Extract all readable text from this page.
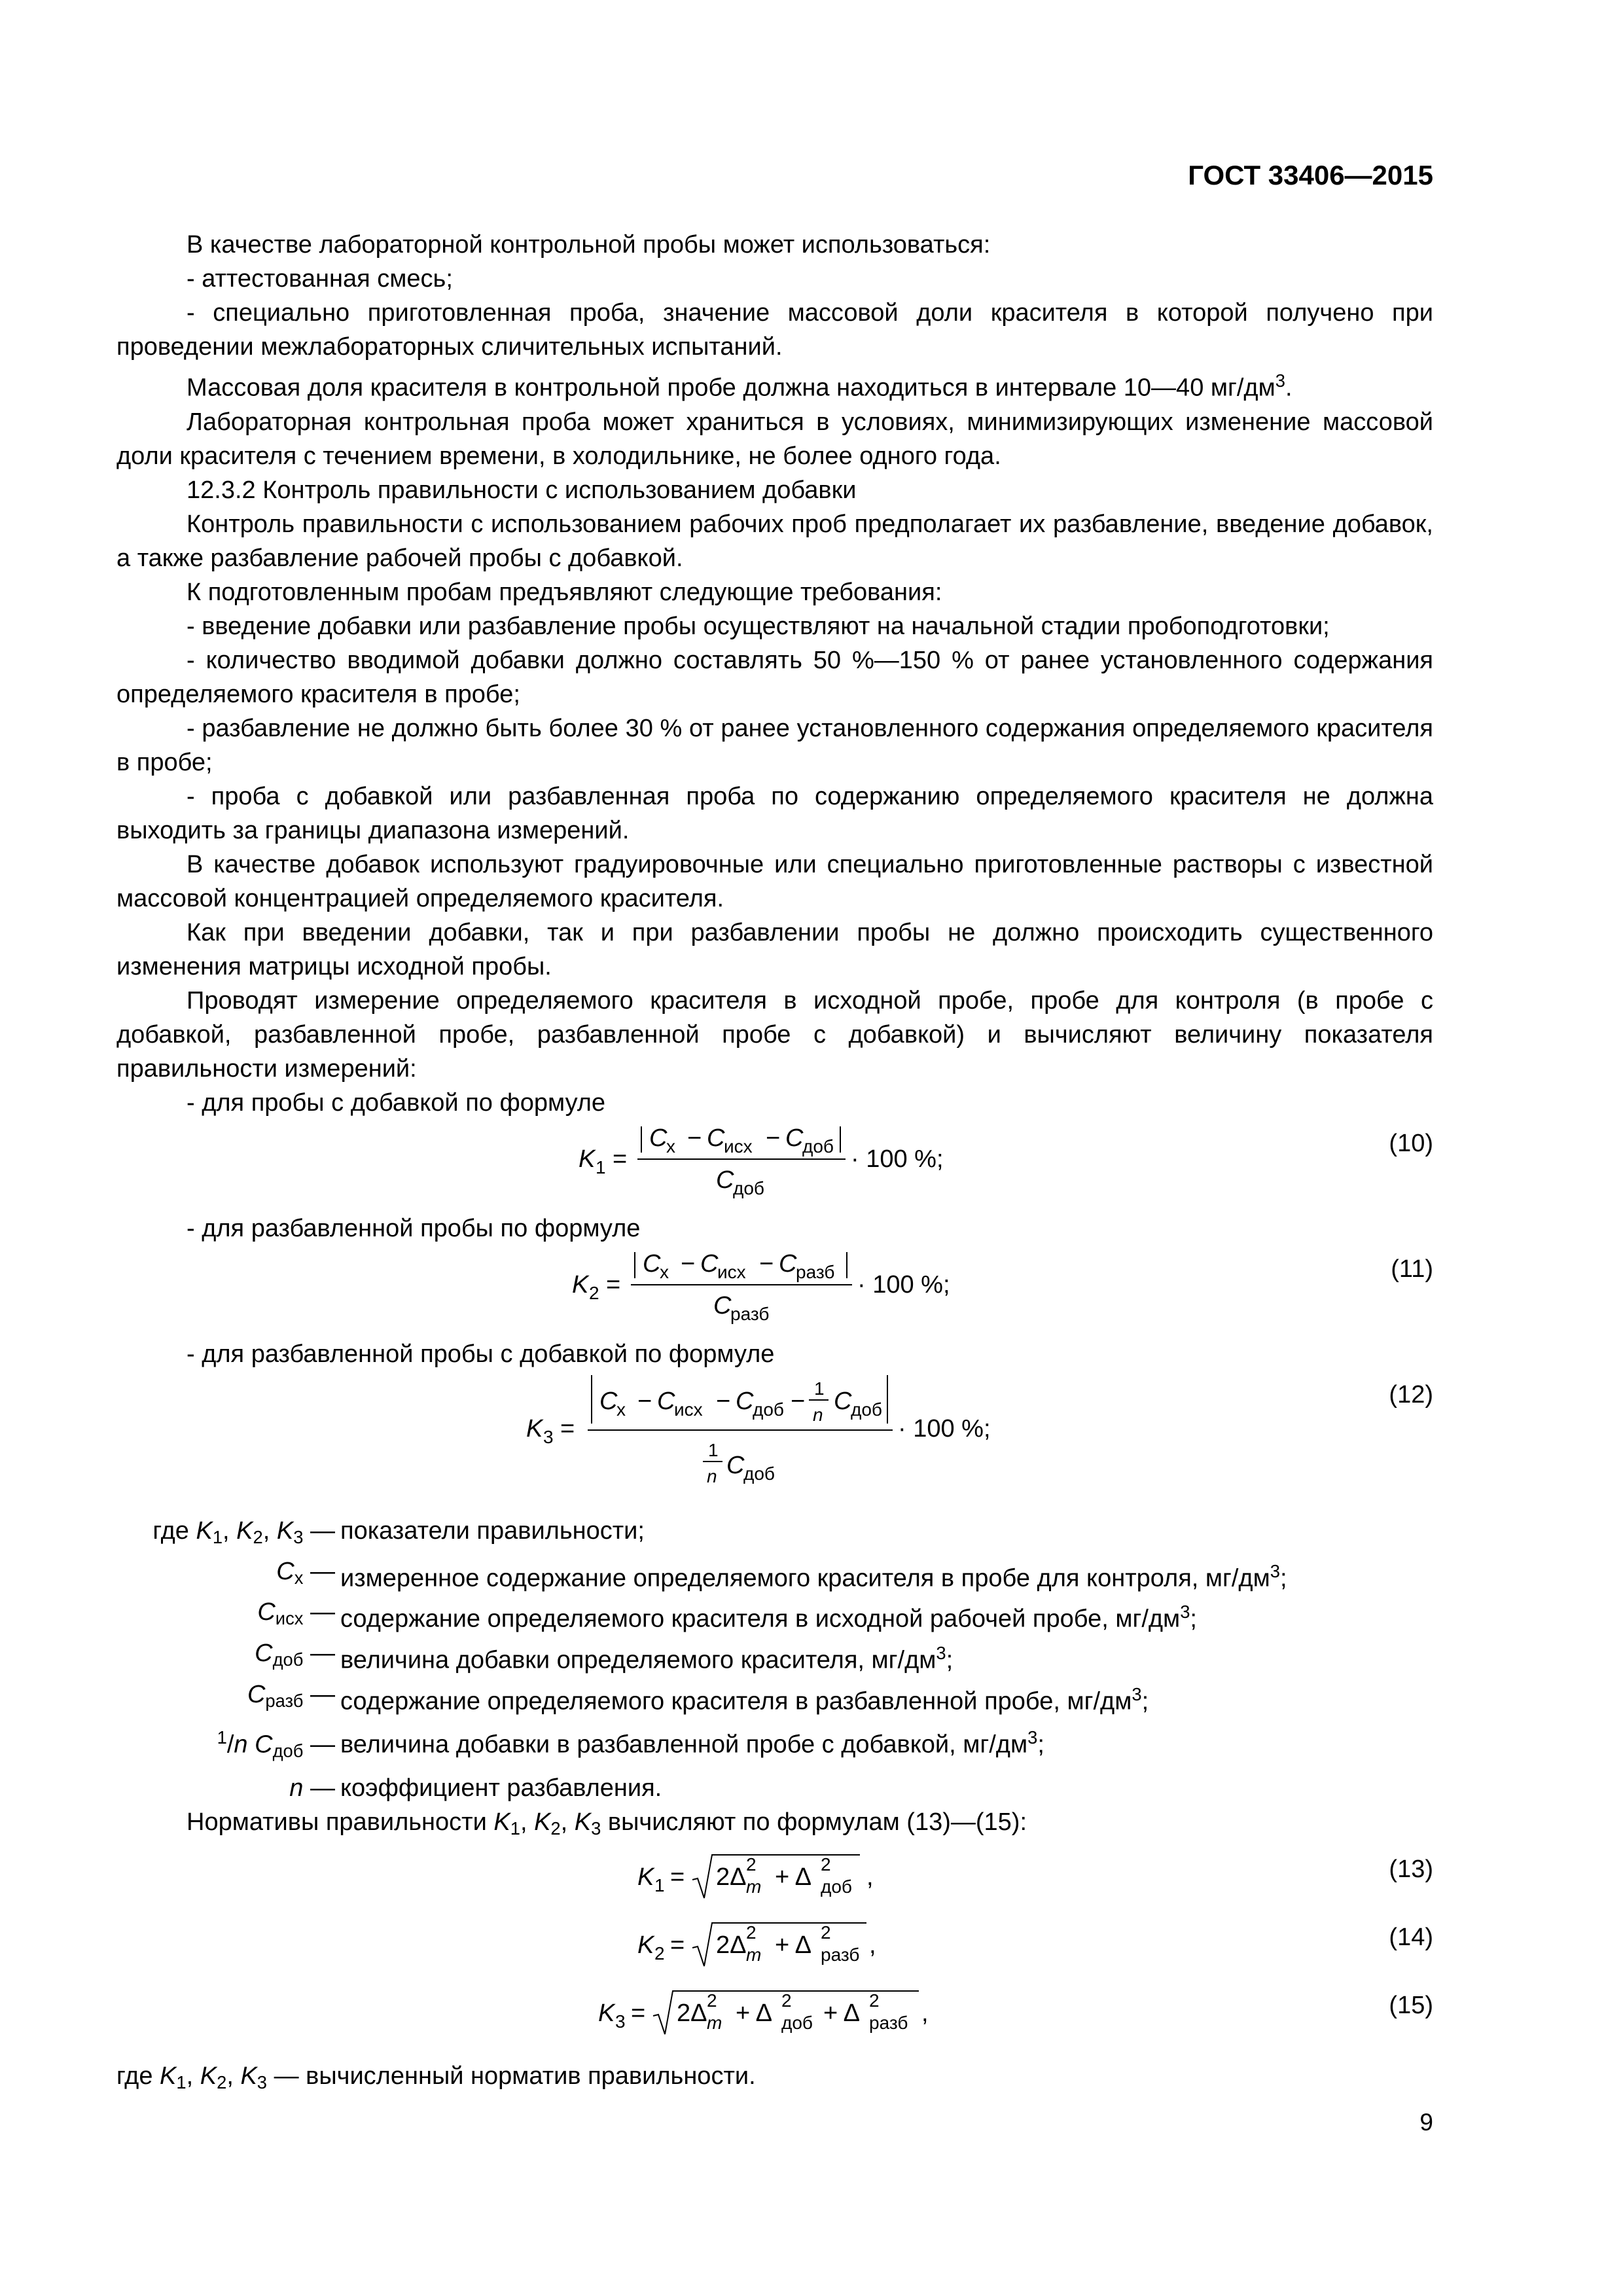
ГОСТ 33406—2015

В качестве лабораторной контрольной пробы может использоваться:

- аттестованная смесь;

- специально приготовленная проба, значение массовой доли красителя в которой получено при проведении межлабораторных сличительных испытаний.

Массовая доля красителя в контрольной пробе должна находиться в интервале 10—40 $мг/дм^3$.

Лабораторная контрольная проба может храниться в условиях, минимизирующих изменение массовой доли красителя с течением времени, в холодильнике, не более одного года.

12.3.2 Контроль правильности с использованием добавки

Контроль правильности с использованием рабочих проб предполагает их разбавление, введение добавок, а также разбавление рабочей пробы с добавкой.

К подготовленным пробам предъявляют следующие требования:

- введение добавки или разбавление пробы осуществляют на начальной стадии пробоподготовки;

- количество вводимой добавки должно составлять 50 %—150 % от ранее установленного содержания определяемого красителя в пробе;

- разбавление не должно быть более 30 % от ранее установленного содержания определяемого красителя в пробе;

- проба с добавкой или разбавленная проба по содержанию определяемого красителя не должна выходить за границы диапазона измерений.

В качестве добавок используют градуировочные или специально приготовленные растворы с известной массовой концентрацией определяемого красителя.

Как при введении добавки, так и при разбавлении пробы не должно происходить существенного изменения матрицы исходной пробы.

Проводят измерение определяемого красителя в исходной пробе, пробе для контроля (в пробе с добавкой, разбавленной пробе, разбавленной пробе с добавкой) и вычисляют величину показателя правильности измерений:

- для пробы с добавкой по формуле

(10)
K 1 =
C
x − C
исх − C
доб
C
доб
· 100 %;

- для разбавленной пробы по формуле

(11)
K 2 =
C
x − C
исх − C
разб
C
разб
· 100 %;

- для разбавленной пробы с добавкой по формуле

(12)
K 3 =
C
x − C
исх − C
доб − 1
n C
доб
1
n C
доб
· 100 %;
где $K_1$, $K_2$, $K_3$ — показатели правильности;
$C_x$ — измеренное содержание определяемого красителя в пробе для контроля, $мг/дм^3$;
$C_{исх}$ — содержание определяемого красителя в исходной рабочей пробе, $мг/дм^3$;
$C_{доб}$ — величина добавки определяемого красителя, $мг/дм^3$;
$C_{разб}$ — содержание определяемого красителя в разбавленной пробе, $мг/дм^3$;
$^1$/n $C_{доб}$ — величина добавки в разбавленной пробе с добавкой, $мг/дм^3$;
n — коэффициент разбавления.

Нормативы правильности $K_1$, $K_2$, $K_3$ вычисляют по формулам (13)—(15):

(13)
K 1 = 2Δ 2
m + Δ 2
доб ,
(14)
K 2 = 2Δ 2
m + Δ 2
разб ,
(15)
K 3 = 2Δ 2
m + Δ 2
доб + Δ 2
разб ,

где $K_1$, $K_2$, $K_3$ — вычисленный норматив правильности.

9
